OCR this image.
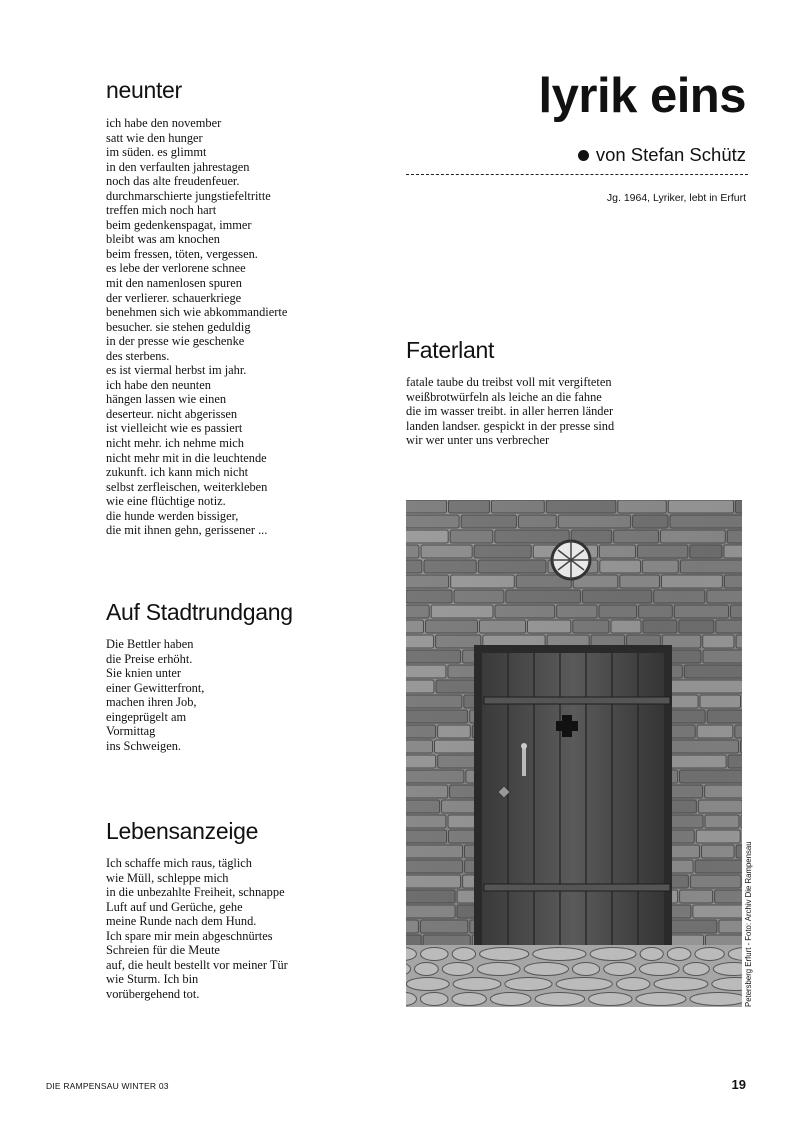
neunter
ich habe den november
satt wie den hunger
im süden. es glimmt
in den verfaulten jahrestagen
noch das alte freudenfeuer.
durchmarschierte jungstiefeltritte
treffen mich noch hart
beim gedenkenspagat, immer
bleibt was am knochen
beim fressen, töten, vergessen.
es lebe der verlorene schnee
mit den namenlosen spuren
der verlierer. schauerkriege
benehmen sich wie abkommandierte
besucher. sie stehen geduldig
in der presse wie geschenke
des sterbens.
es ist viermal herbst im jahr.
ich habe den neunten
hängen lassen wie einen
deserteur. nicht abgerissen
ist vielleicht wie es passiert
nicht mehr. ich nehme mich
nicht mehr mit in die leuchtende
zukunft. ich kann mich nicht
selbst zerfleischen, weiterkleben
wie eine flüchtige notiz.
die hunde werden bissiger,
die mit ihnen gehn, gerissener ...
Auf Stadtrundgang
Die Bettler haben
die Preise erhöht.
Sie knien unter
einer Gewitterfront,
machen ihren Job,
eingeprügelt am
Vormittag
ins Schweigen.
Lebensanzeige
Ich schaffe mich raus, täglich
wie Müll, schleppe mich
in die unbezahlte Freiheit, schnappe
Luft auf und Gerüche, gehe
meine Runde nach dem Hund.
Ich spare mir mein abgeschnürtes
Schreien für die Meute
auf, die heult bestellt vor meiner Tür
wie Sturm. Ich bin
vorübergehend tot.
lyrik eins
von Stefan Schütz
Jg. 1964, Lyriker, lebt in Erfurt
Faterlant
fatale taube du treibst voll mit vergifteten
weißbrotwürfeln als leiche an die fahne
die im wasser treibt. in aller herren länder
landen landser. gespickt in der presse sind
wir wer unter uns verbrecher
Petersberg Erfurt - Foto: Archiv Die Rampensau
DIE RAMPENSAU WINTER 03	19
